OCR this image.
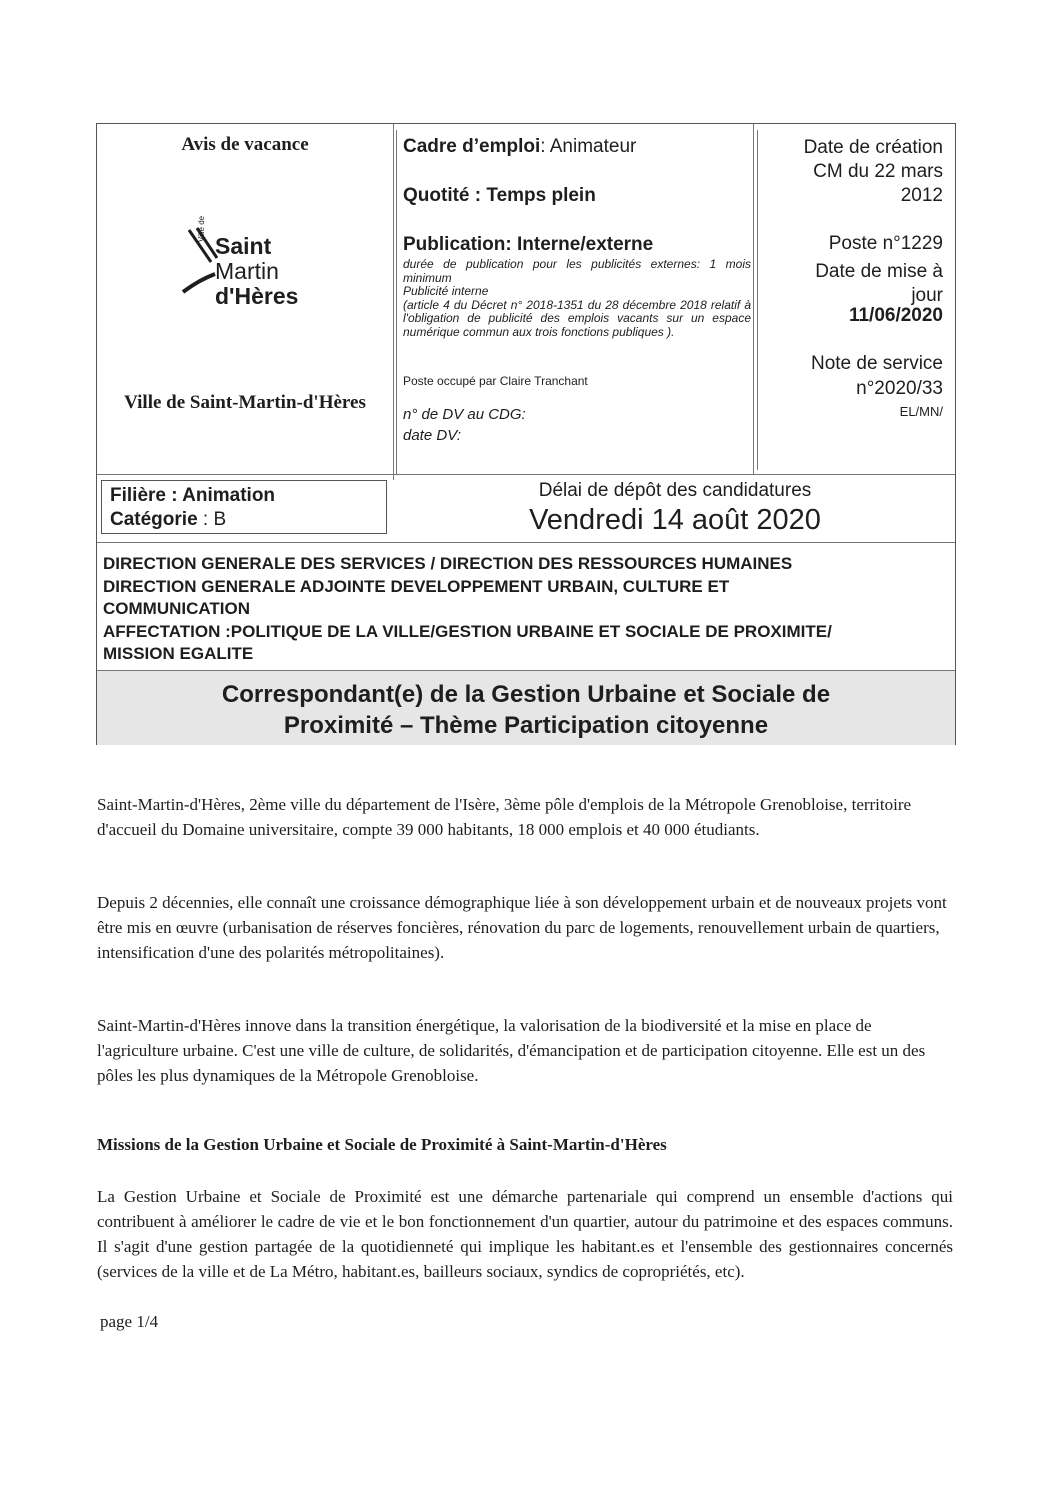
Avis de vacance
Saint
Martin
d'Hères
Ville de
Ville de Saint-Martin-d'Hères
Cadre d’emploi: Animateur
Quotité : Temps plein
Publication: Interne/externe
durée de publication pour les publicités externes: 1 mois minimum
Publicité interne
(article 4 du Décret n° 2018-1351 du 28 décembre 2018 relatif à l'obligation de publicité des emplois vacants sur un espace numérique commun aux trois fonctions publiques ).
Poste occupé par Claire Tranchant
n° de DV au CDG:
date DV:
Date de création
CM du 22 mars
2012
Poste n°1229
Date de mise à
jour
11/06/2020
Note de service
n°2020/33
EL/MN/
Filière : Animation
Catégorie : B
Délai de dépôt des candidatures
Vendredi 14 août 2020
DIRECTION GENERALE DES SERVICES / DIRECTION DES RESSOURCES HUMAINES
DIRECTION GENERALE ADJOINTE DEVELOPPEMENT URBAIN, CULTURE ET
COMMUNICATION
AFFECTATION :POLITIQUE DE LA VILLE/GESTION URBAINE ET SOCIALE DE PROXIMITE/
MISSION EGALITE
Correspondant(e) de la Gestion Urbaine et Sociale de
Proximité – Thème Participation citoyenne
Saint-Martin-d'Hères, 2ème ville du département de l'Isère, 3ème pôle d'emplois de la Métropole Grenobloise, territoire d'accueil du Domaine universitaire, compte 39 000 habitants, 18 000 emplois et 40 000 étudiants.
Depuis 2 décennies, elle connaît une croissance démographique liée à son développement urbain et de nouveaux projets vont être mis en œuvre (urbanisation de réserves foncières, rénovation du parc de logements, renouvellement urbain de quartiers, intensification d'une des polarités métropolitaines).
Saint-Martin-d'Hères innove dans la transition énergétique, la valorisation de la biodiversité et la mise en place de l'agriculture urbaine. C'est une ville de culture, de solidarités, d'émancipation et de participation citoyenne. Elle est un des pôles les plus dynamiques de la Métropole Grenobloise.
Missions de la Gestion Urbaine et Sociale de Proximité à Saint-Martin-d'Hères
La Gestion Urbaine et Sociale de Proximité est une démarche partenariale qui comprend un ensemble d'actions qui contribuent à améliorer le cadre de vie et le bon fonctionnement d'un quartier, autour du patrimoine et des espaces communs. Il s'agit d'une gestion partagée de la quotidienneté qui implique les habitant.es et l'ensemble des gestionnaires concernés (services de la ville et de La Métro, habitant.es, bailleurs sociaux, syndics de copropriétés, etc).
page 1/4
